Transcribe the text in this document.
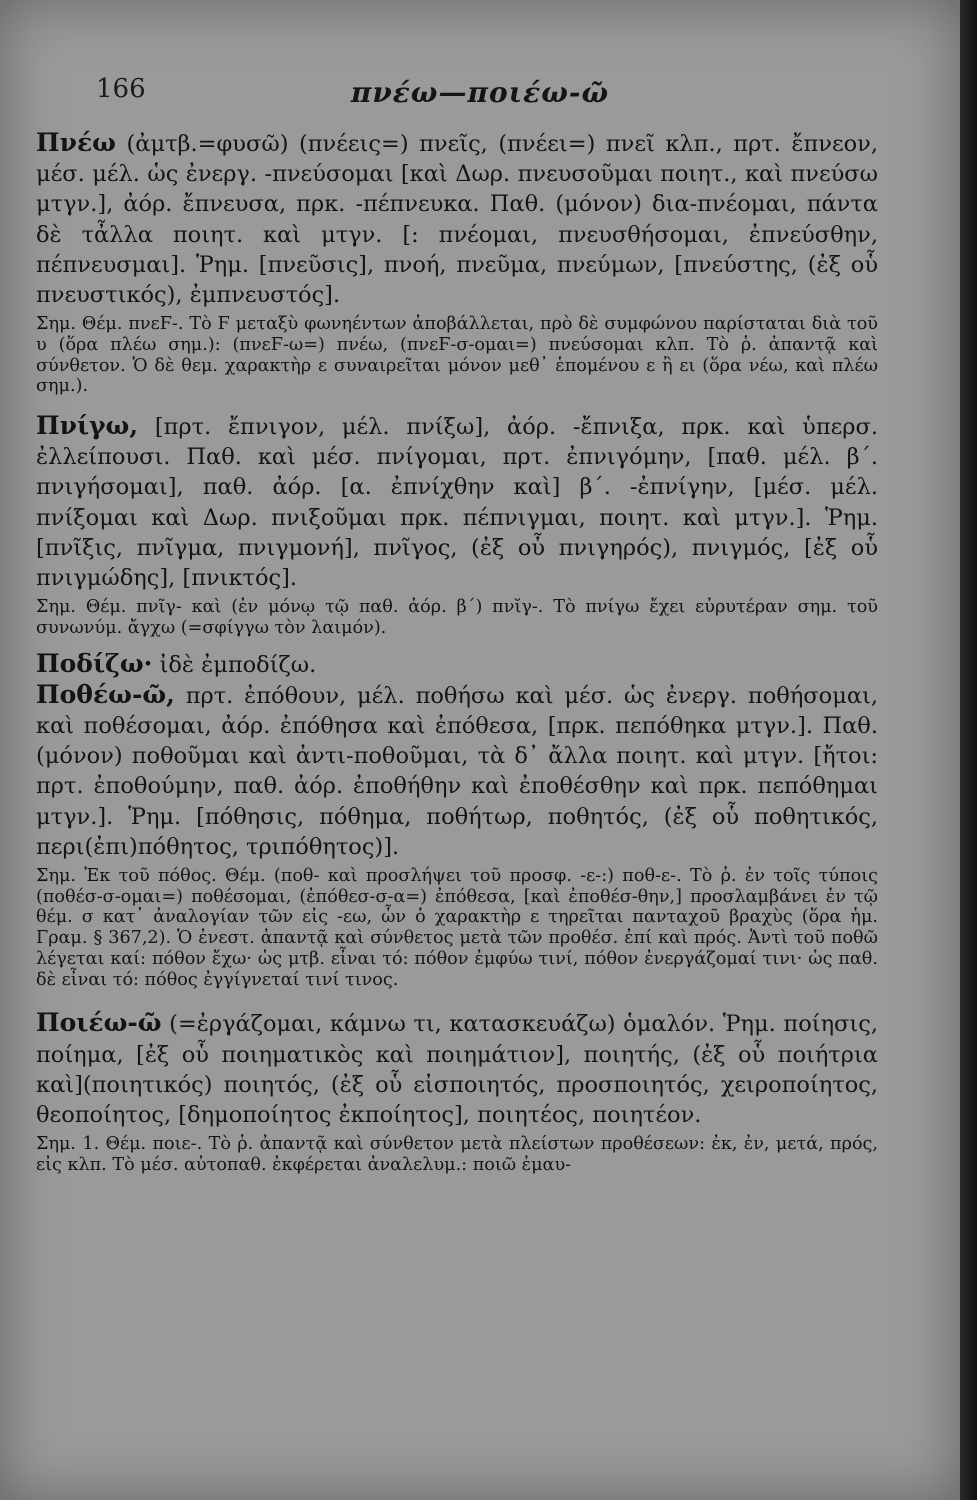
166	πνέω—ποιέω-ῶ

Πνέω (ἀμτβ.=φυσῶ) (πνέεις=) πνεῖς, (πνέει=) πνεῖ κλπ., πρτ. ἔπνεον, μέσ. μέλ. ὡς ἐνεργ. -πνεύσομαι [καὶ Δωρ. πνευσοῦμαι ποιητ., καὶ πνεύσω μτγν.], ἀόρ. ἔπνευσα, πρκ. -πέπνευκα. Παθ. (μόνον) δια-πνέομαι, πάντα δὲ τἆλλα ποιητ. καὶ μτγν. [: πνέομαι, πνευσθήσομαι, ἐπνεύσθην, πέπνευσμαι]. Ῥημ. [πνεῦσις], πνοή, πνεῦμα, πνεύμων, [πνεύστης, (ἐξ οὗ πνευστικός), ἐμπνευστός].

Σημ. Θέμ. πνεϜ-. Τὸ Ϝ μεταξὺ φωνηέντων ἀποβάλλεται, πρὸ δὲ συμφώνου παρίσταται διὰ τοῦ υ (ὅρα πλέω σημ.): (πνεϜ-ω=) πνέω, (πνεϜ-σ-ομαι=) πνεύσομαι κλπ. Τὸ ῥ. ἀπαντᾷ καὶ σύνθετον. Ὁ δὲ θεμ. χαρακτὴρ ε συναιρεῖται μόνον μεθ᾽ ἑπομένου ε ἢ ει (ὅρα νέω, καὶ πλέω σημ.).

Πνίγω, [πρτ. ἔπνιγον, μέλ. πνίξω], ἀόρ. -ἔπνιξα, πρκ. καὶ ὑπερσ. ἐλλείπουσι. Παθ. καὶ μέσ. πνίγομαι, πρτ. ἐπνιγόμην, [παθ. μέλ. β´. πνιγήσομαι], παθ. ἀόρ. [α. ἐπνίχθην καὶ] β´. -ἐπνίγην, [μέσ. μέλ. πνίξομαι καὶ Δωρ. πνιξοῦμαι πρκ. πέπνιγμαι, ποιητ. καὶ μτγν.]. Ῥημ. [πνῖξις, πνῖγμα, πνιγμονή], πνῖγος, (ἐξ οὗ πνιγηρός), πνιγμός, [ἐξ οὗ πνιγμώδης], [πνικτός].

Σημ. Θέμ. πνῖγ- καὶ (ἐν μόνῳ τῷ παθ. ἀόρ. β´) πνῐγ-. Τὸ πνίγω ἔχει εὐρυτέραν σημ. τοῦ συνωνύμ. ἄγχω (=σφίγγω τὸν λαιμόν).

Ποδίζω· ἰδὲ ἐμποδίζω.

Ποθέω-ῶ, πρτ. ἐπόθουν, μέλ. ποθήσω καὶ μέσ. ὡς ἐνεργ. ποθήσομαι, καὶ ποθέσομαι, ἀόρ. ἐπόθησα καὶ ἐπόθεσα, [πρκ. πεπόθηκα μτγν.]. Παθ. (μόνον) ποθοῦμαι καὶ ἀντι-ποθοῦμαι, τὰ δ᾽ ἄλλα ποιητ. καὶ μτγν. [ἤτοι: πρτ. ἐποθούμην, παθ. ἀόρ. ἐποθήθην καὶ ἐποθέσθην καὶ πρκ. πεπόθημαι μτγν.]. Ῥημ. [πόθησις, πόθημα, ποθήτωρ, ποθητός, (ἐξ οὗ ποθητικός, περι(ἐπι)πόθητος, τριπόθητος)].

Σημ. Ἐκ τοῦ πόθος. Θέμ. (ποθ- καὶ προσλήψει τοῦ προσφ. -ε-:) ποθ-ε-. Τὸ ῥ. ἐν τοῖς τύποις (ποθέσ-σ-ομαι=) ποθέσομαι, (ἐπόθεσ-σ-α=) ἐπόθεσα, [καὶ ἐποθέσ-θην,] προσλαμβάνει ἐν τῷ θέμ. σ κατ᾽ ἀναλογίαν τῶν εἰς -εω, ὧν ὁ χαρακτὴρ ε τηρεῖται πανταχοῦ βραχὺς (ὅρα ἡμ. Γραμ. § 367,2). Ὁ ἐνεστ. ἀπαντᾷ καὶ σύνθετος μετὰ τῶν προθέσ. ἐπί καὶ πρός. Ἀντὶ τοῦ ποθῶ λέγεται καί: πόθον ἔχω· ὡς μτβ. εἶναι τό: πόθον ἐμφύω τινί, πόθον ἐνεργάζομαί τινι· ὡς παθ. δὲ εἶναι τό: πόθος ἐγγίγνεταί τινί τινος.

Ποιέω-ῶ (=ἐργάζομαι, κάμνω τι, κατασκευάζω) ὁμαλόν. Ῥημ. ποίησις, ποίημα, [ἐξ οὗ ποιηματικὸς καὶ ποιημάτιον], ποιητής, (ἐξ οὗ ποιήτρια καὶ](ποιητικός) ποιητός, (ἐξ οὗ εἰσποιητός, προσποιητός, χειροποίητος, θεοποίητος, [δημοποίητος ἐκποίητος], ποιητέος, ποιητέον.

Σημ. 1. Θέμ. ποιε-. Τὸ ῥ. ἀπαντᾷ καὶ σύνθετον μετὰ πλείστων προθέσεων: ἐκ, ἐν, μετά, πρός, εἰς κλπ. Τὸ μέσ. αὐτοπαθ. ἐκφέρεται ἀναλελυμ.: ποιῶ ἐμαυ-
